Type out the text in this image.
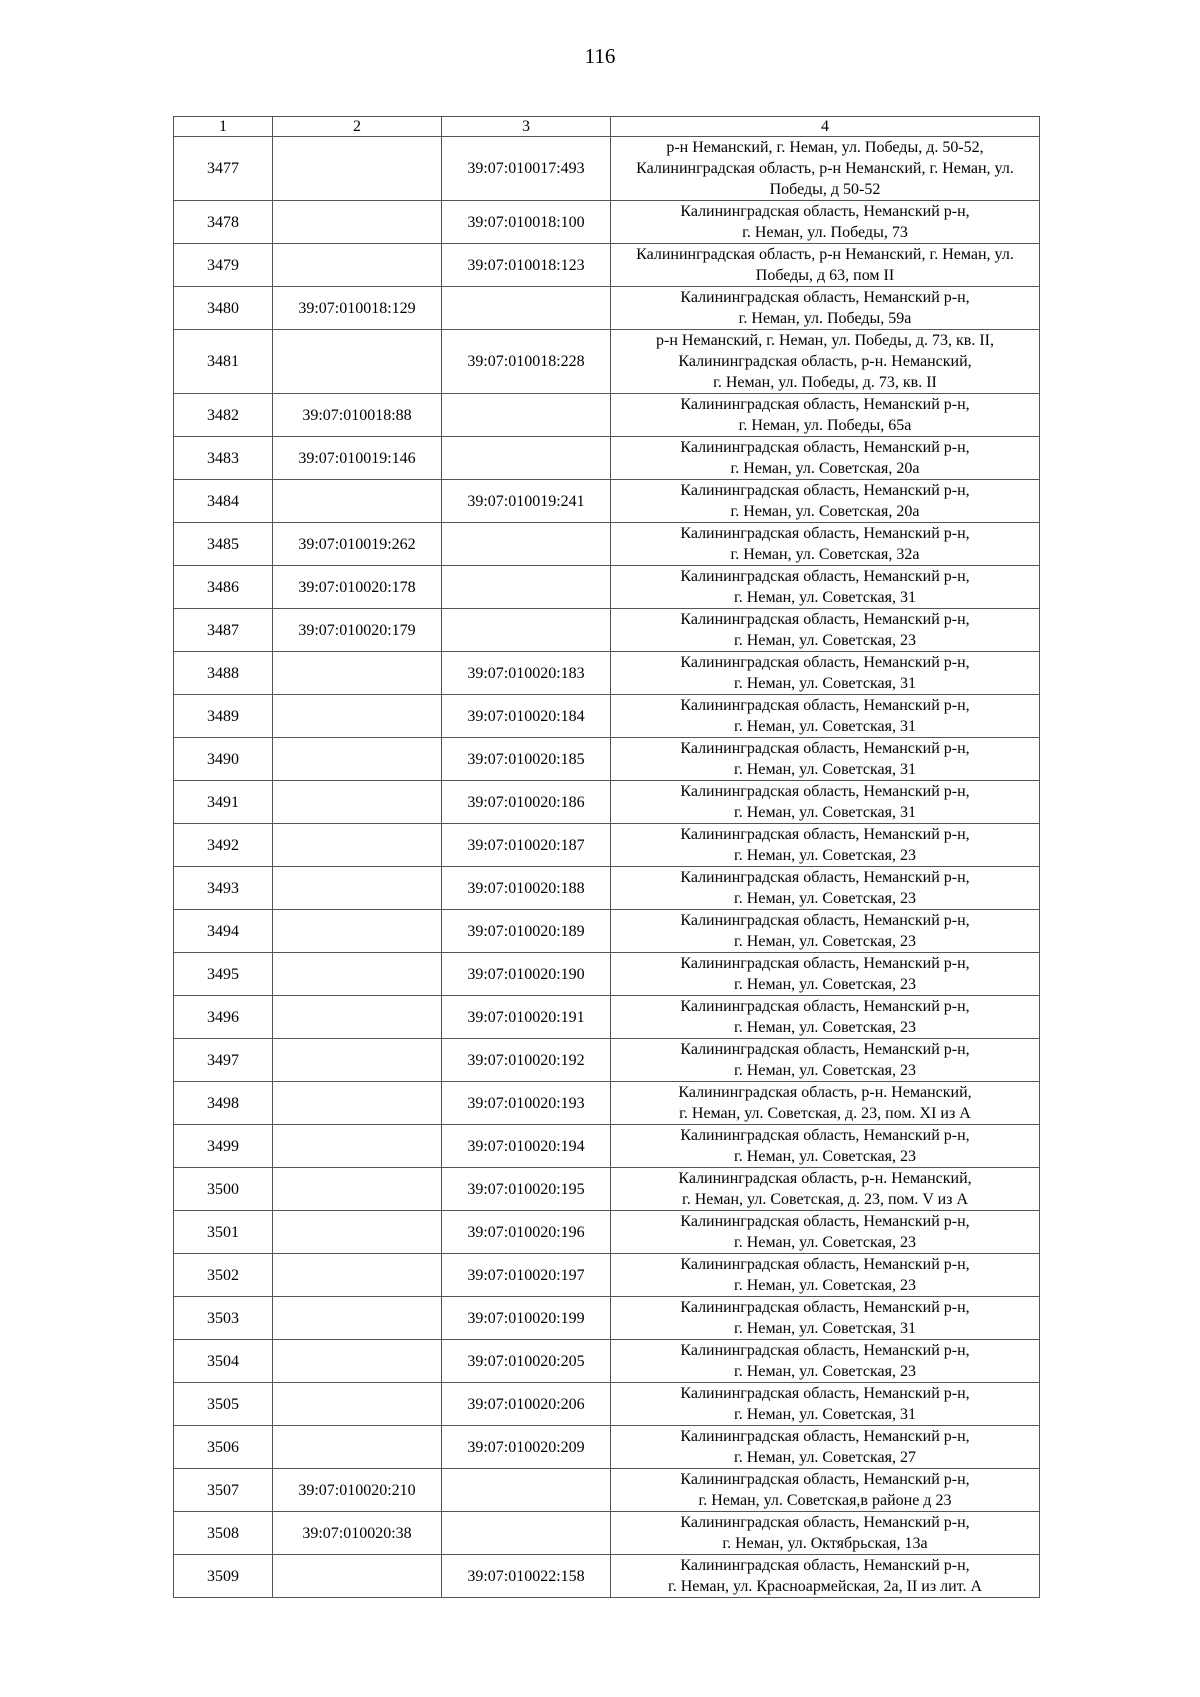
116
1	2	3	4
3477		39:07:010017:493	р-н Неманский, г. Неман, ул. Победы, д. 50-52,
Калининградская область, р-н Неманский, г. Неман, ул.
Победы, д 50-52
3478		39:07:010018:100	Калининградская область, Неманский р-н,
г. Неман, ул. Победы, 73
3479		39:07:010018:123	Калининградская область, р-н Неманский, г. Неман, ул.
Победы, д 63, пом II
3480	39:07:010018:129		Калининградская область, Неманский р-н,
г. Неман, ул. Победы, 59а
3481		39:07:010018:228	р-н Неманский, г. Неман, ул. Победы, д. 73, кв. II,
Калининградская область, р-н. Неманский,
г. Неман, ул. Победы, д. 73, кв. II
3482	39:07:010018:88		Калининградская область, Неманский р-н,
г. Неман, ул. Победы, 65а
3483	39:07:010019:146		Калининградская область, Неманский р-н,
г. Неман, ул. Советская, 20а
3484		39:07:010019:241	Калининградская область, Неманский р-н,
г. Неман, ул. Советская, 20а
3485	39:07:010019:262		Калининградская область, Неманский р-н,
г. Неман, ул. Советская, 32а
3486	39:07:010020:178		Калининградская область, Неманский р-н,
г. Неман, ул. Советская, 31
3487	39:07:010020:179		Калининградская область, Неманский р-н,
г. Неман, ул. Советская, 23
3488		39:07:010020:183	Калининградская область, Неманский р-н,
г. Неман, ул. Советская, 31
3489		39:07:010020:184	Калининградская область, Неманский р-н,
г. Неман, ул. Советская, 31
3490		39:07:010020:185	Калининградская область, Неманский р-н,
г. Неман, ул. Советская, 31
3491		39:07:010020:186	Калининградская область, Неманский р-н,
г. Неман, ул. Советская, 31
3492		39:07:010020:187	Калининградская область, Неманский р-н,
г. Неман, ул. Советская, 23
3493		39:07:010020:188	Калининградская область, Неманский р-н,
г. Неман, ул. Советская, 23
3494		39:07:010020:189	Калининградская область, Неманский р-н,
г. Неман, ул. Советская, 23
3495		39:07:010020:190	Калининградская область, Неманский р-н,
г. Неман, ул. Советская, 23
3496		39:07:010020:191	Калининградская область, Неманский р-н,
г. Неман, ул. Советская, 23
3497		39:07:010020:192	Калининградская область, Неманский р-н,
г. Неман, ул. Советская, 23
3498		39:07:010020:193	Калининградская область, р-н. Неманский,
г. Неман, ул. Советская, д. 23, пом. XI из А
3499		39:07:010020:194	Калининградская область, Неманский р-н,
г. Неман, ул. Советская, 23
3500		39:07:010020:195	Калининградская область, р-н. Неманский,
г. Неман, ул. Советская, д. 23, пом. V из А
3501		39:07:010020:196	Калининградская область, Неманский р-н,
г. Неман, ул. Советская, 23
3502		39:07:010020:197	Калининградская область, Неманский р-н,
г. Неман, ул. Советская, 23
3503		39:07:010020:199	Калининградская область, Неманский р-н,
г. Неман, ул. Советская, 31
3504		39:07:010020:205	Калининградская область, Неманский р-н,
г. Неман, ул. Советская, 23
3505		39:07:010020:206	Калининградская область, Неманский р-н,
г. Неман, ул. Советская, 31
3506		39:07:010020:209	Калининградская область, Неманский р-н,
г. Неман, ул. Советская, 27
3507	39:07:010020:210		Калининградская область, Неманский р-н,
г. Неман, ул. Советская,в районе д 23
3508	39:07:010020:38		Калининградская область, Неманский р-н,
г. Неман, ул. Октябрьская, 13а
3509		39:07:010022:158	Калининградская область, Неманский р-н,
г. Неман, ул. Красноармейская, 2а, II из лит. А
